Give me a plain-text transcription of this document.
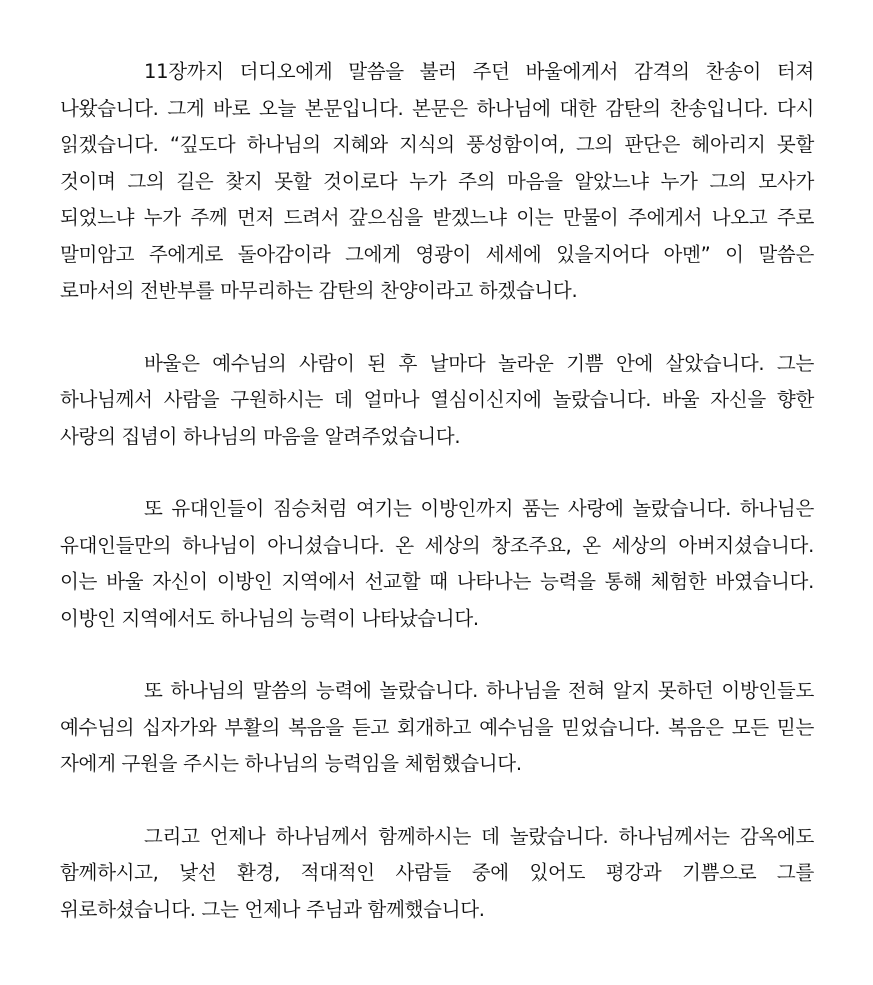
11장까지 더디오에게 말씀을 불러 주던 바울에게서 감격의 찬송이 터져 나왔습니다. 그게 바로 오늘 본문입니다. 본문은 하나님에 대한 감탄의 찬송입니다. 다시 읽겠습니다. “깊도다 하나님의 지혜와 지식의 풍성함이여, 그의 판단은 헤아리지 못할 것이며 그의 길은 찾지 못할 것이로다 누가 주의 마음을 알았느냐 누가 그의 모사가 되었느냐 누가 주께 먼저 드려서 갚으심을 받겠느냐 이는 만물이 주에게서 나오고 주로 말미암고 주에게로 돌아감이라 그에게 영광이 세세에 있을지어다 아멘” 이 말씀은 로마서의 전반부를 마무리하는 감탄의 찬양이라고 하겠습니다.

바울은 예수님의 사람이 된 후 날마다 놀라운 기쁨 안에 살았습니다. 그는 하나님께서 사람을 구원하시는 데 얼마나 열심이신지에 놀랐습니다. 바울 자신을 향한 사랑의 집념이 하나님의 마음을 알려주었습니다.

또 유대인들이 짐승처럼 여기는 이방인까지 품는 사랑에 놀랐습니다. 하나님은 유대인들만의 하나님이 아니셨습니다. 온 세상의 창조주요, 온 세상의 아버지셨습니다. 이는 바울 자신이 이방인 지역에서 선교할 때 나타나는 능력을 통해 체험한 바였습니다. 이방인 지역에서도 하나님의 능력이 나타났습니다.

또 하나님의 말씀의 능력에 놀랐습니다. 하나님을 전혀 알지 못하던 이방인들도 예수님의 십자가와 부활의 복음을 듣고 회개하고 예수님을 믿었습니다. 복음은 모든 믿는 자에게 구원을 주시는 하나님의 능력임을 체험했습니다.

그리고 언제나 하나님께서 함께하시는 데 놀랐습니다. 하나님께서는 감옥에도 함께하시고, 낯선 환경, 적대적인 사람들 중에 있어도 평강과 기쁨으로 그를 위로하셨습니다. 그는 언제나 주님과 함께했습니다.
